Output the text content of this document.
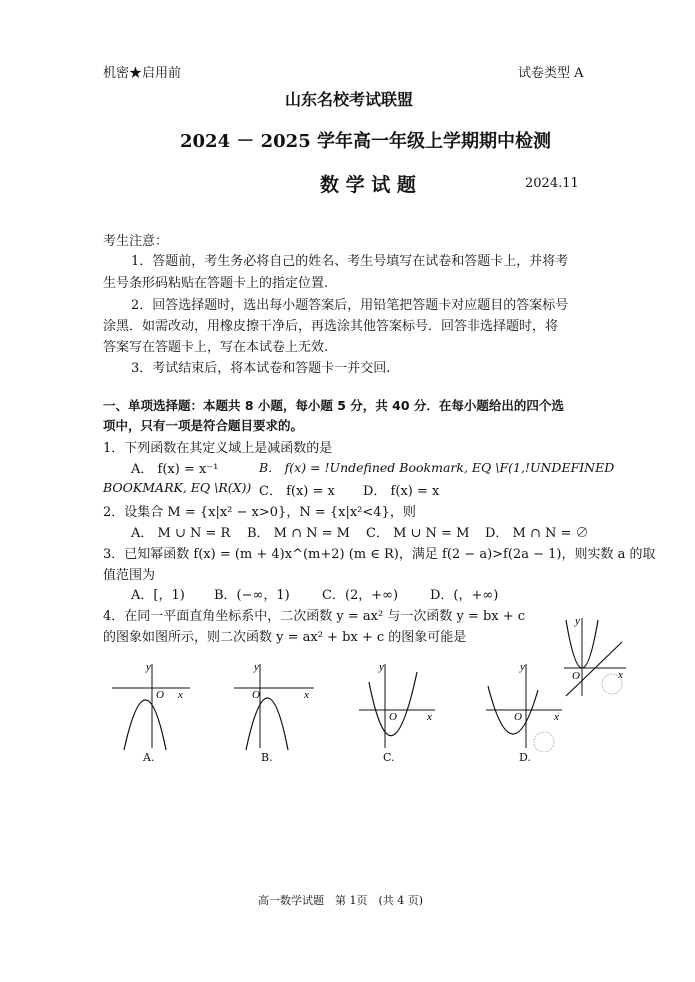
机密★启用前	试卷类型 A
山东名校考试联盟
2024 － 2025 学年高一年级上学期期中检测
数 学 试 题	2024.11
考生注意：
1．答题前，考生务必将自己的姓名、考生号填写在试卷和答题卡上，并将考
生号条形码粘贴在答题卡上的指定位置.
2．回答选择题时，选出每小题答案后，用铅笔把答题卡对应题目的答案标号
涂黑．如需改动，用橡皮擦干净后，再选涂其他答案标号．回答非选择题时，将
答案写在答题卡上，写在本试卷上无效.
3．考试结束后，将本试卷和答题卡一并交回.
一、单项选择题：本题共 8 小题，每小题 5 分，共 40 分．在每小题给出的四个选
项中，只有一项是符合题目要求的。
1．下列函数在其定义域上是减函数的是
A． f(x) = x⁻¹	B． f(x) = !Undefined Bookmark, EQ \F(1,!UNDEFINED
BOOKMARK, EQ \R(X)) C． f(x) = x D． f(x) = x
2．设集合 M = {x|x² − x>0}，N = {x|x²<4}，则
A． M ∪ N = R B． M ∩ N = M C． M ∪ N = M D． M ∩ N = ∅
3．已知幂函数 f(x) = (m + 4)x^(m+2) (m ∈ R)，满足 f(2 − a)>f(2a − 1)，则实数 a 的取
值范围为
A．[，1) B．(−∞，1) C．(2，+∞) D．(，+∞)
4．在同一平面直角坐标系中，二次函数 y = ax² 与一次函数 y = bx + c
的图象如图所示，则二次函数 y = ax² + bx + c 的图象可能是
y
x
O
y
x
O
A.
y
x
O
B.
y
x
O
C.
y
x
O
D.
高一数学试题　第 1页　(共 4 页)
